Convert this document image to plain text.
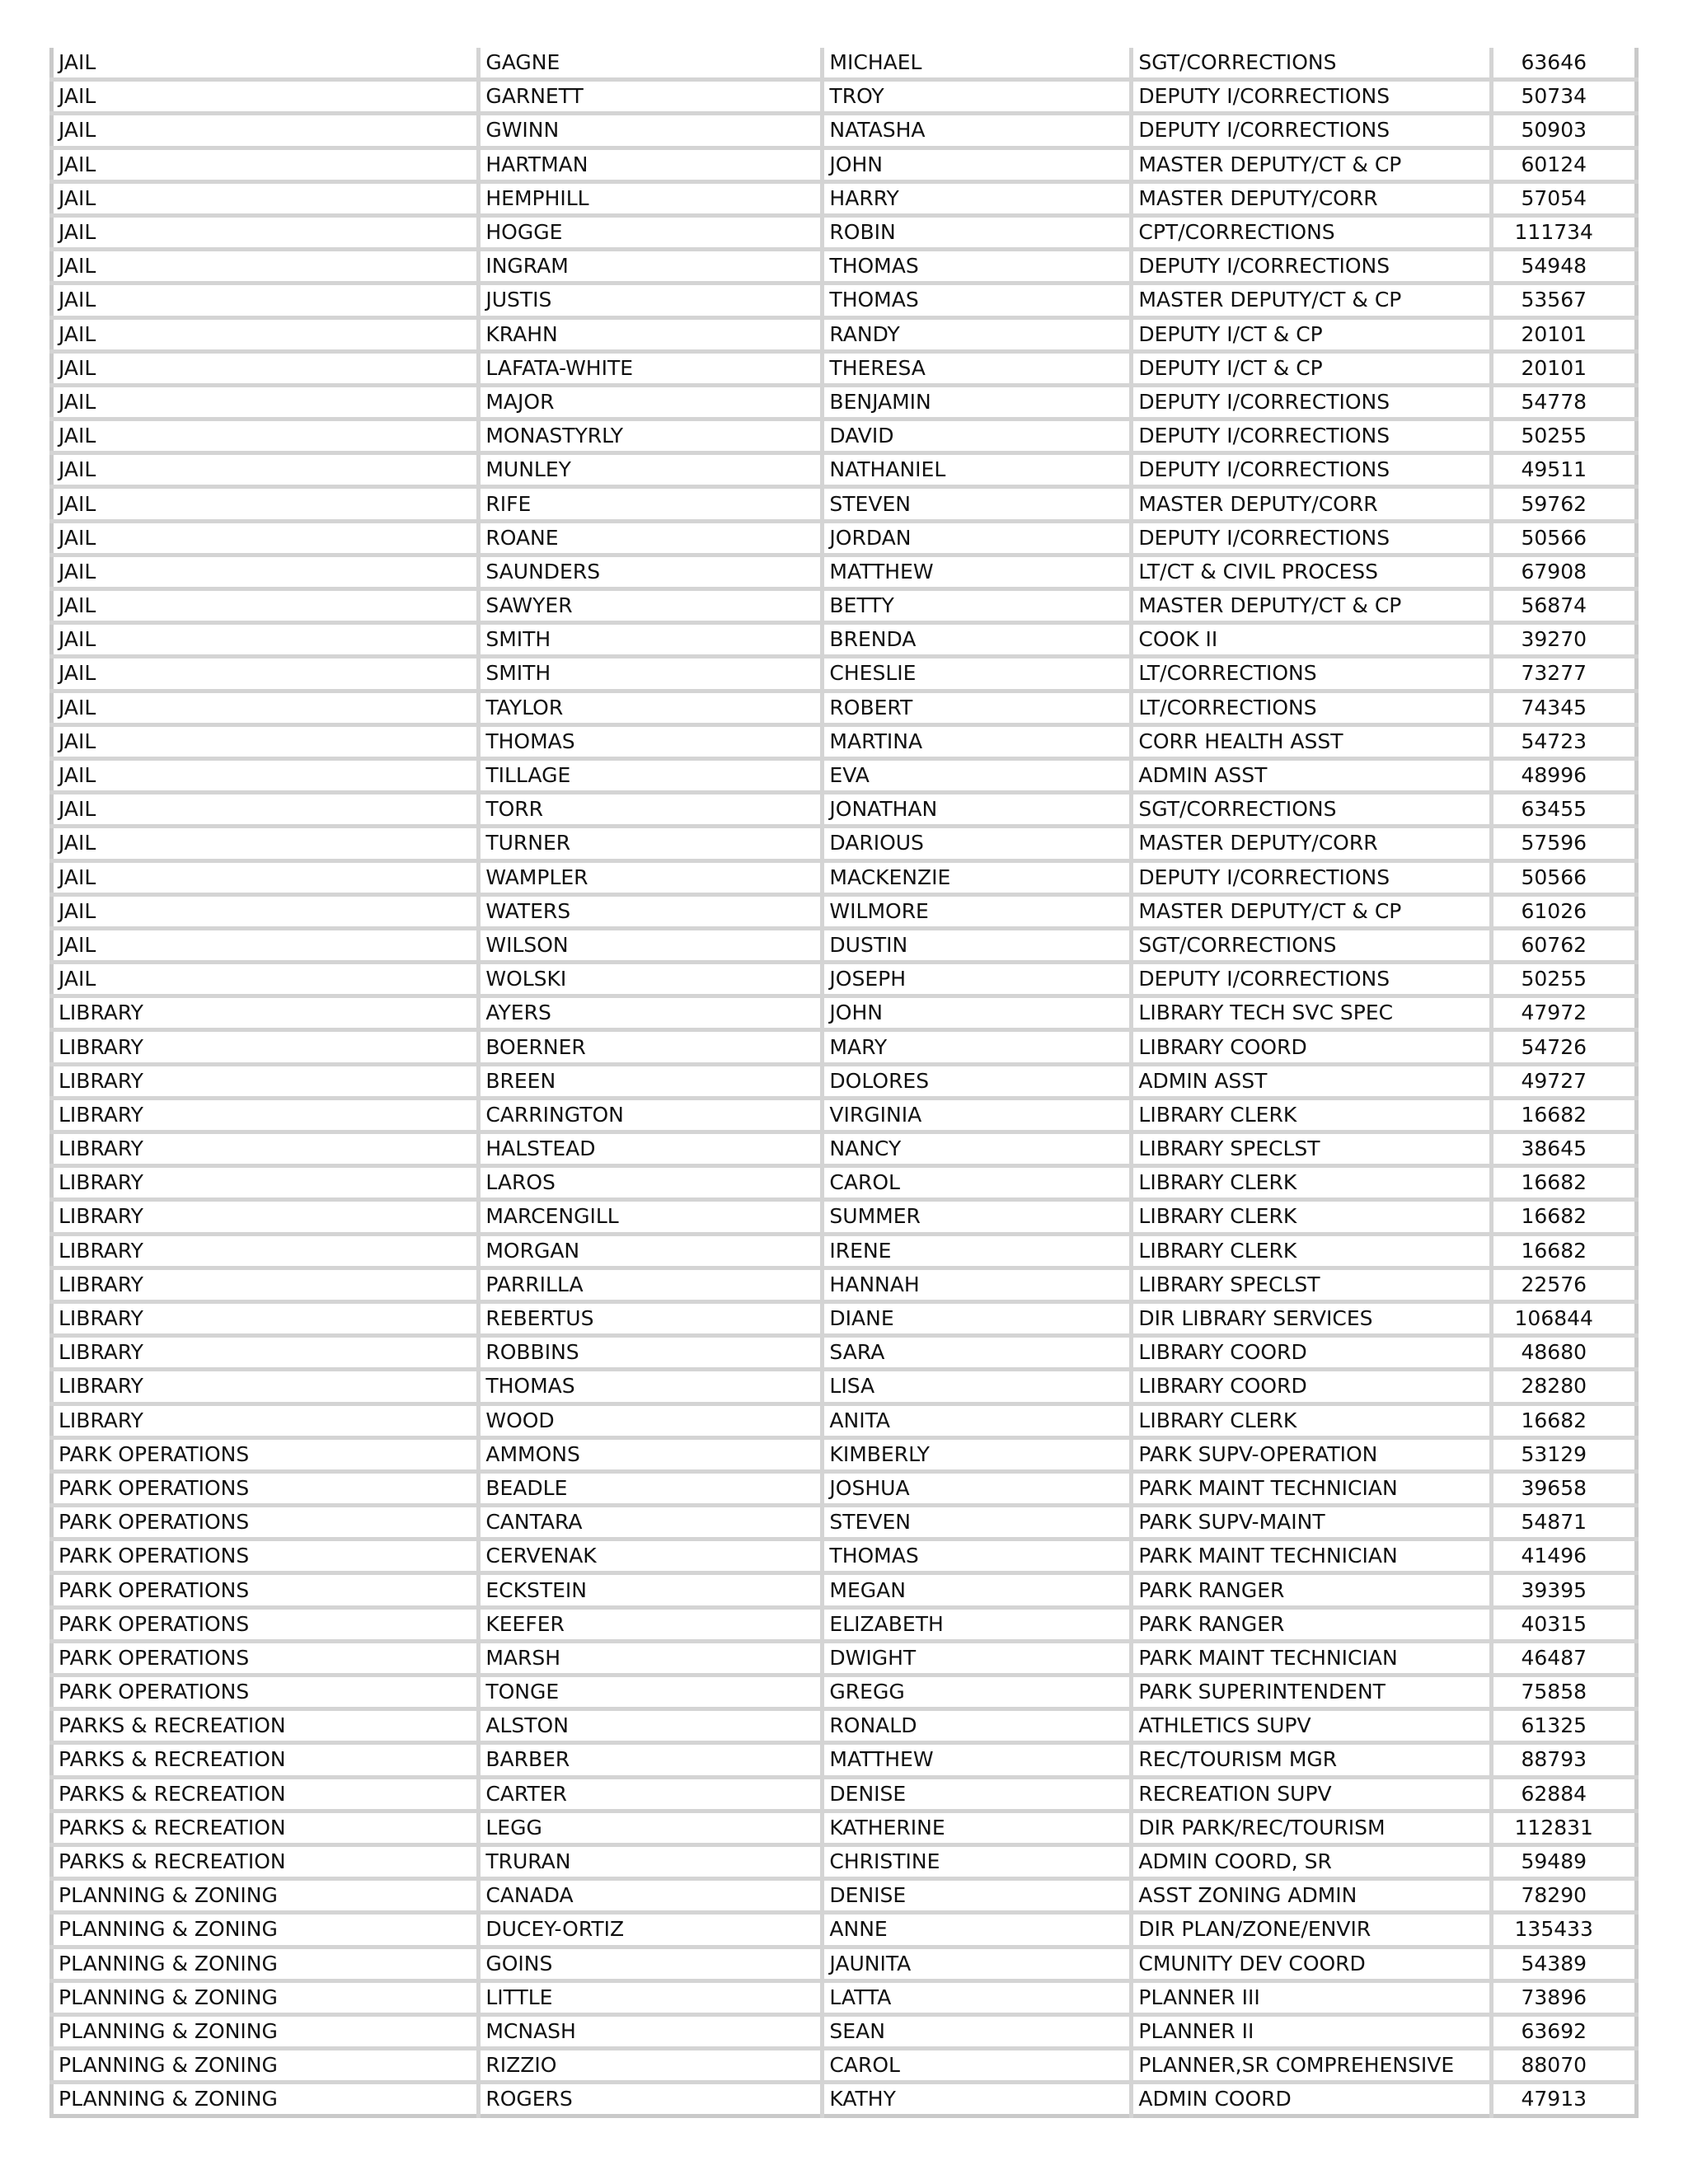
JAIL	GAGNE	MICHAEL	SGT/CORRECTIONS	63646
JAIL	GARNETT	TROY	DEPUTY I/CORRECTIONS	50734
JAIL	GWINN	NATASHA	DEPUTY I/CORRECTIONS	50903
JAIL	HARTMAN	JOHN	MASTER DEPUTY/CT & CP	60124
JAIL	HEMPHILL	HARRY	MASTER DEPUTY/CORR	57054
JAIL	HOGGE	ROBIN	CPT/CORRECTIONS	111734
JAIL	INGRAM	THOMAS	DEPUTY I/CORRECTIONS	54948
JAIL	JUSTIS	THOMAS	MASTER DEPUTY/CT & CP	53567
JAIL	KRAHN	RANDY	DEPUTY I/CT & CP	20101
JAIL	LAFATA-WHITE	THERESA	DEPUTY I/CT & CP	20101
JAIL	MAJOR	BENJAMIN	DEPUTY I/CORRECTIONS	54778
JAIL	MONASTYRLY	DAVID	DEPUTY I/CORRECTIONS	50255
JAIL	MUNLEY	NATHANIEL	DEPUTY I/CORRECTIONS	49511
JAIL	RIFE	STEVEN	MASTER DEPUTY/CORR	59762
JAIL	ROANE	JORDAN	DEPUTY I/CORRECTIONS	50566
JAIL	SAUNDERS	MATTHEW	LT/CT & CIVIL PROCESS	67908
JAIL	SAWYER	BETTY	MASTER DEPUTY/CT & CP	56874
JAIL	SMITH	BRENDA	COOK II	39270
JAIL	SMITH	CHESLIE	LT/CORRECTIONS	73277
JAIL	TAYLOR	ROBERT	LT/CORRECTIONS	74345
JAIL	THOMAS	MARTINA	CORR HEALTH ASST	54723
JAIL	TILLAGE	EVA	ADMIN ASST	48996
JAIL	TORR	JONATHAN	SGT/CORRECTIONS	63455
JAIL	TURNER	DARIOUS	MASTER DEPUTY/CORR	57596
JAIL	WAMPLER	MACKENZIE	DEPUTY I/CORRECTIONS	50566
JAIL	WATERS	WILMORE	MASTER DEPUTY/CT & CP	61026
JAIL	WILSON	DUSTIN	SGT/CORRECTIONS	60762
JAIL	WOLSKI	JOSEPH	DEPUTY I/CORRECTIONS	50255
LIBRARY	AYERS	JOHN	LIBRARY TECH SVC SPEC	47972
LIBRARY	BOERNER	MARY	LIBRARY COORD	54726
LIBRARY	BREEN	DOLORES	ADMIN ASST	49727
LIBRARY	CARRINGTON	VIRGINIA	LIBRARY CLERK	16682
LIBRARY	HALSTEAD	NANCY	LIBRARY SPECLST	38645
LIBRARY	LAROS	CAROL	LIBRARY CLERK	16682
LIBRARY	MARCENGILL	SUMMER	LIBRARY CLERK	16682
LIBRARY	MORGAN	IRENE	LIBRARY CLERK	16682
LIBRARY	PARRILLA	HANNAH	LIBRARY SPECLST	22576
LIBRARY	REBERTUS	DIANE	DIR LIBRARY SERVICES	106844
LIBRARY	ROBBINS	SARA	LIBRARY COORD	48680
LIBRARY	THOMAS	LISA	LIBRARY COORD	28280
LIBRARY	WOOD	ANITA	LIBRARY CLERK	16682
PARK OPERATIONS	AMMONS	KIMBERLY	PARK SUPV-OPERATION	53129
PARK OPERATIONS	BEADLE	JOSHUA	PARK MAINT TECHNICIAN	39658
PARK OPERATIONS	CANTARA	STEVEN	PARK SUPV-MAINT	54871
PARK OPERATIONS	CERVENAK	THOMAS	PARK MAINT TECHNICIAN	41496
PARK OPERATIONS	ECKSTEIN	MEGAN	PARK RANGER	39395
PARK OPERATIONS	KEEFER	ELIZABETH	PARK RANGER	40315
PARK OPERATIONS	MARSH	DWIGHT	PARK MAINT TECHNICIAN	46487
PARK OPERATIONS	TONGE	GREGG	PARK SUPERINTENDENT	75858
PARKS & RECREATION	ALSTON	RONALD	ATHLETICS SUPV	61325
PARKS & RECREATION	BARBER	MATTHEW	REC/TOURISM MGR	88793
PARKS & RECREATION	CARTER	DENISE	RECREATION SUPV	62884
PARKS & RECREATION	LEGG	KATHERINE	DIR PARK/REC/TOURISM	112831
PARKS & RECREATION	TRURAN	CHRISTINE	ADMIN COORD, SR	59489
PLANNING & ZONING	CANADA	DENISE	ASST ZONING ADMIN	78290
PLANNING & ZONING	DUCEY-ORTIZ	ANNE	DIR PLAN/ZONE/ENVIR	135433
PLANNING & ZONING	GOINS	JAUNITA	CMUNITY DEV COORD	54389
PLANNING & ZONING	LITTLE	LATTA	PLANNER III	73896
PLANNING & ZONING	MCNASH	SEAN	PLANNER II	63692
PLANNING & ZONING	RIZZIO	CAROL	PLANNER,SR COMPREHENSIVE	88070
PLANNING & ZONING	ROGERS	KATHY	ADMIN COORD	47913
